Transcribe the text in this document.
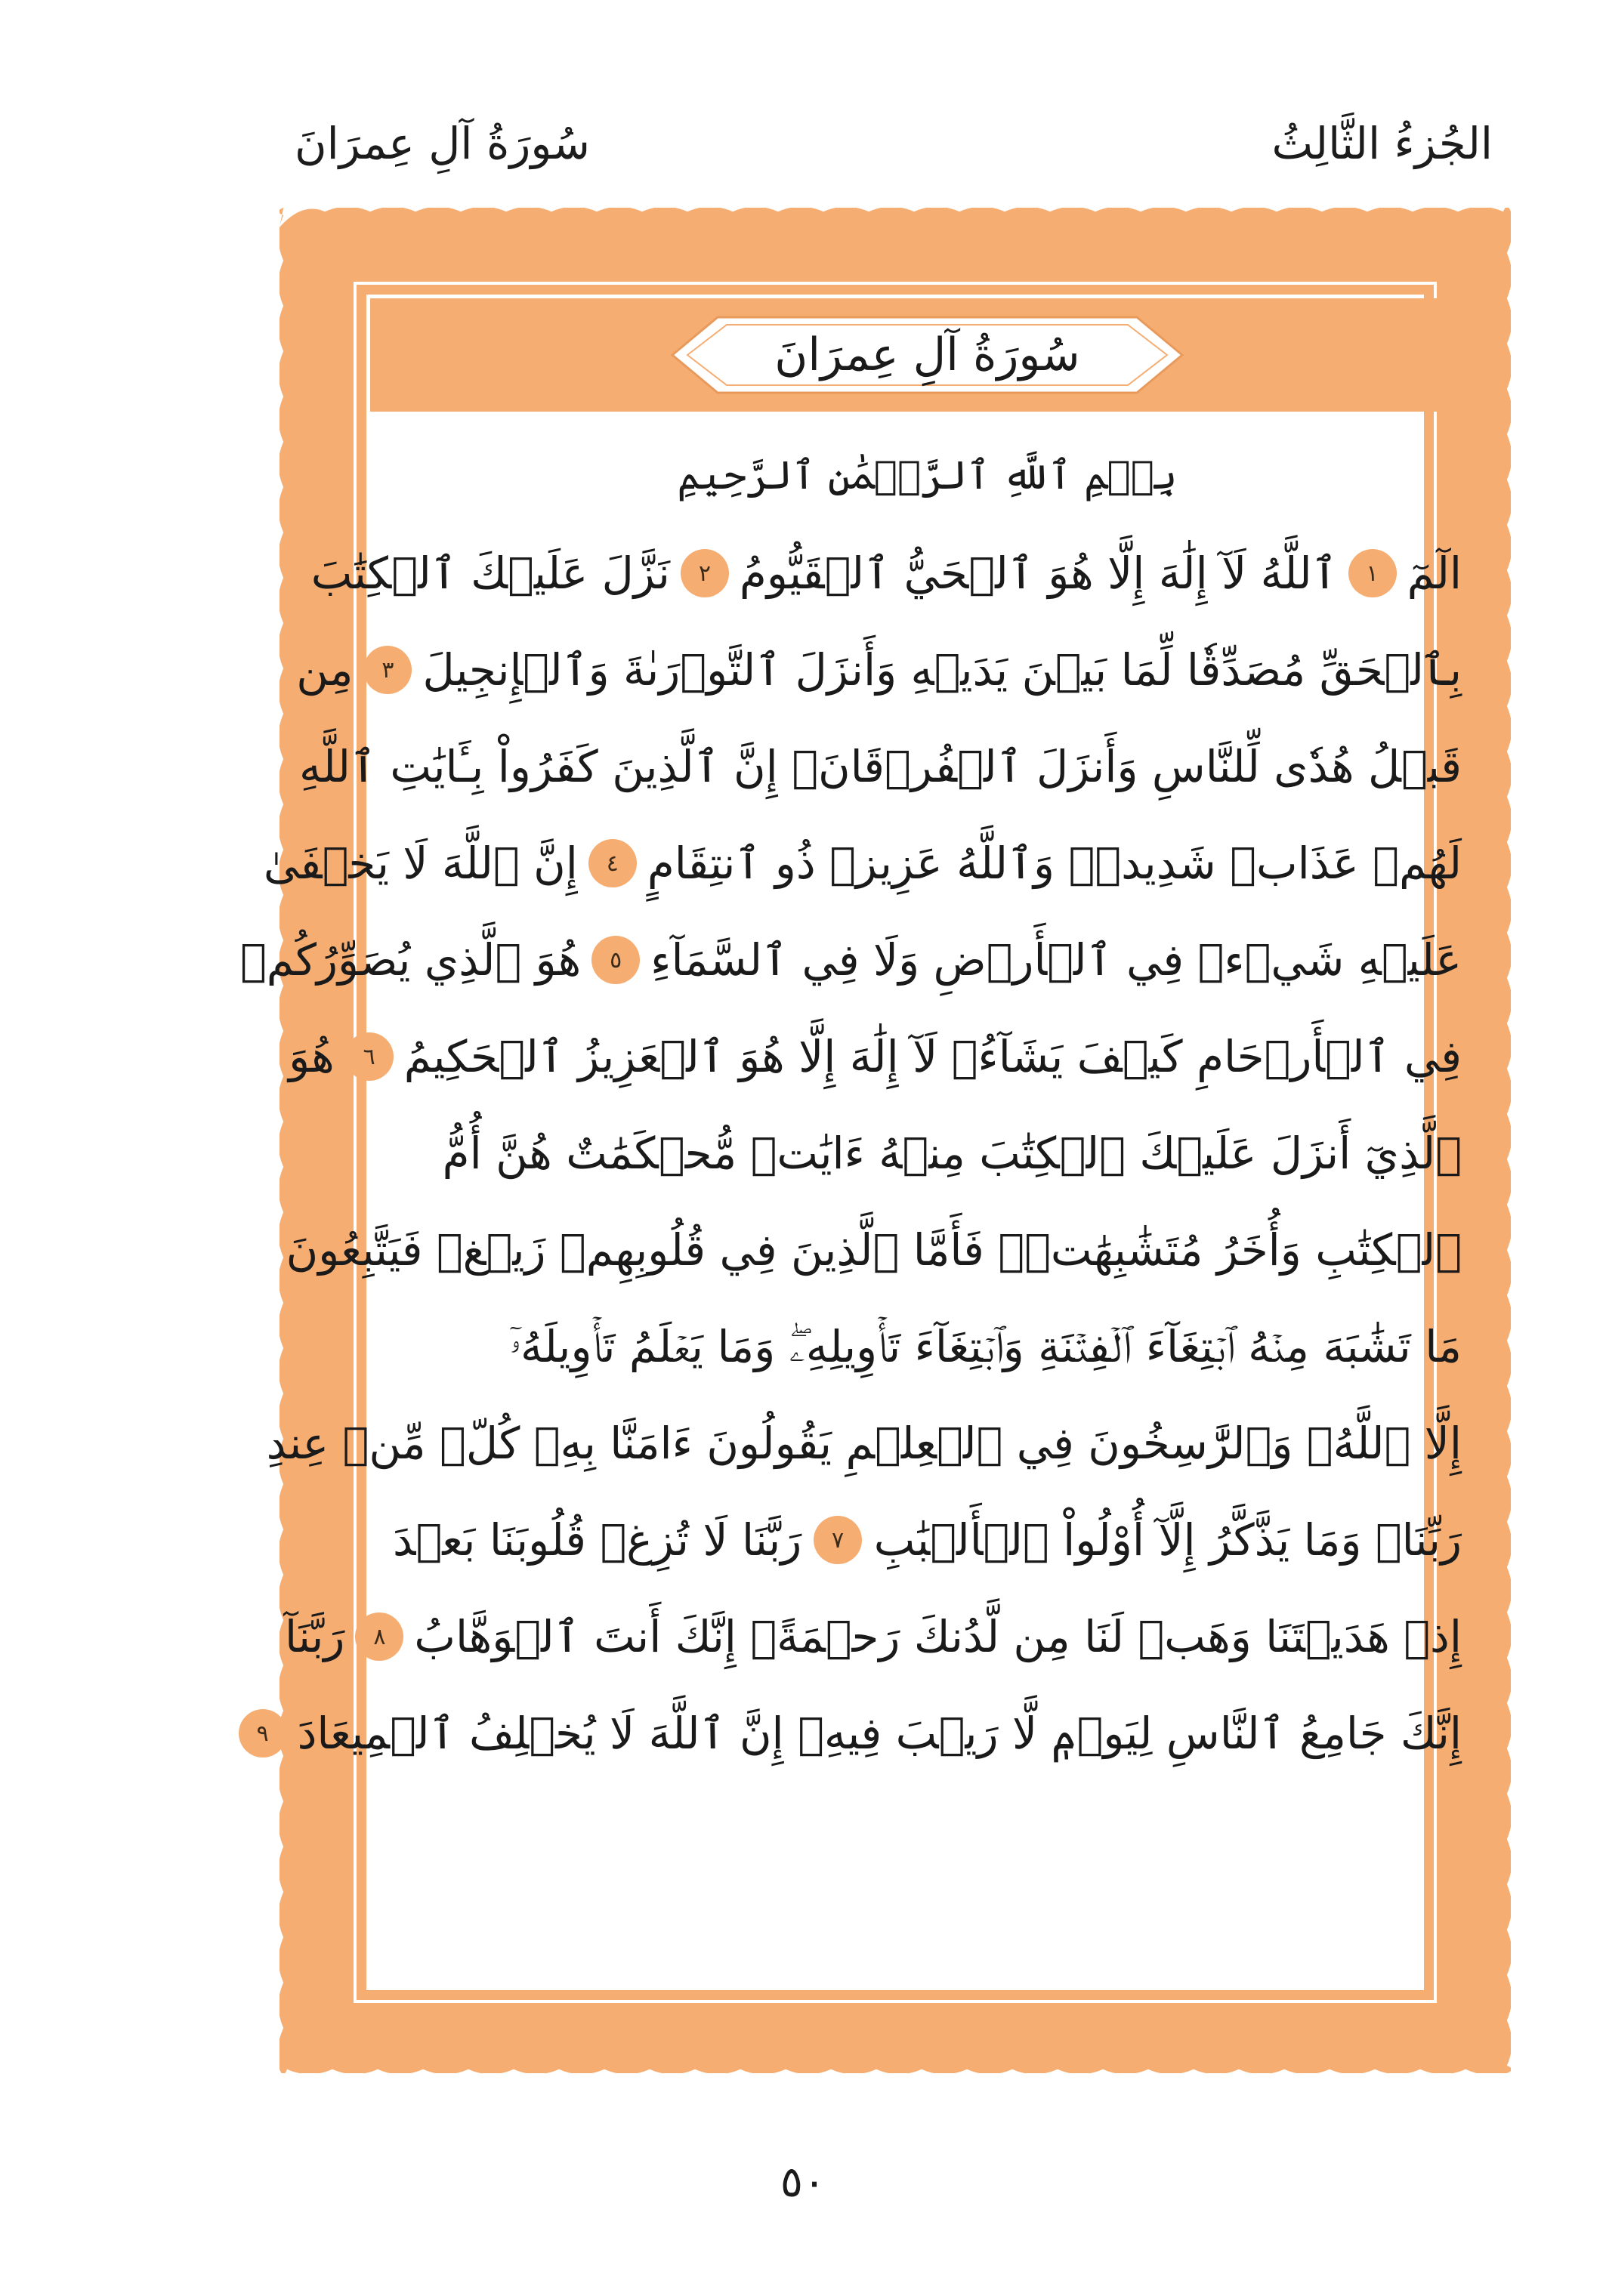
الجُزءُ الثَّالِثُ
سُورَةُ آلِ عِمرَانَ
سُورَةُ آلِ عِمرَانَ
بِسۡمِ ٱللَّهِ ٱلرَّحۡمَٰنِ ٱلرَّحِيمِ
الٓمٓ
١
ٱللَّهُ لَآ إِلَٰهَ إِلَّا هُوَ ٱلۡحَيُّ ٱلۡقَيُّومُ
٢
نَزَّلَ عَلَيۡكَ ٱلۡكِتَٰبَ
بِٱلۡحَقِّ مُصَدِّقٗا لِّمَا بَيۡنَ يَدَيۡهِ وَأَنزَلَ ٱلتَّوۡرَىٰةَ وَٱلۡإِنجِيلَ
٣
مِن
قَبۡلُ هُدٗى لِّلنَّاسِ وَأَنزَلَ ٱلۡفُرۡقَانَۗ إِنَّ ٱلَّذِينَ كَفَرُواْ بِـَٔايَٰتِ ٱللَّهِ
لَهُمۡ عَذَابٞ شَدِيدٞۗ وَٱللَّهُ عَزِيزٞ ذُو ٱنتِقَامٍ
٤
إِنَّ ٱللَّهَ لَا يَخۡفَىٰ
عَلَيۡهِ شَيۡءٞ فِي ٱلۡأَرۡضِ وَلَا فِي ٱلسَّمَآءِ
٥
هُوَ ٱلَّذِي يُصَوِّرُكُمۡ
فِي ٱلۡأَرۡحَامِ كَيۡفَ يَشَآءُۚ لَآ إِلَٰهَ إِلَّا هُوَ ٱلۡعَزِيزُ ٱلۡحَكِيمُ
٦
هُوَ
ٱلَّذِيٓ أَنزَلَ عَلَيۡكَ ٱلۡكِتَٰبَ مِنۡهُ ءَايَٰتٞ مُّحۡكَمَٰتٌ هُنَّ أُمُّ
ٱلۡكِتَٰبِ وَأُخَرُ مُتَشَٰبِهَٰتٞۖ فَأَمَّا ٱلَّذِينَ فِي قُلُوبِهِمۡ زَيۡغٞ فَيَتَّبِعُونَ
مَا تَشَٰبَهَ مِنۡهُ ٱبۡتِغَآءَ ٱلۡفِتۡنَةِ وَٱبۡتِغَآءَ تَأۡوِيلِهِۦۖ وَمَا يَعۡلَمُ تَأۡوِيلَهُۥٓ
إِلَّا ٱللَّهُۗ وَٱلرَّٰسِخُونَ فِي ٱلۡعِلۡمِ يَقُولُونَ ءَامَنَّا بِهِۦ كُلّٞ مِّنۡ عِندِ
رَبِّنَاۗ وَمَا يَذَّكَّرُ إِلَّآ أُوْلُواْ ٱلۡأَلۡبَٰبِ
٧
رَبَّنَا لَا تُزِغۡ قُلُوبَنَا بَعۡدَ
إِذۡ هَدَيۡتَنَا وَهَبۡ لَنَا مِن لَّدُنكَ رَحۡمَةًۚ إِنَّكَ أَنتَ ٱلۡوَهَّابُ
٨
رَبَّنَآ
إِنَّكَ جَامِعُ ٱلنَّاسِ لِيَوۡمٖ لَّا رَيۡبَ فِيهِۚ إِنَّ ٱللَّهَ لَا يُخۡلِفُ ٱلۡمِيعَادَ
٩
٥٠
